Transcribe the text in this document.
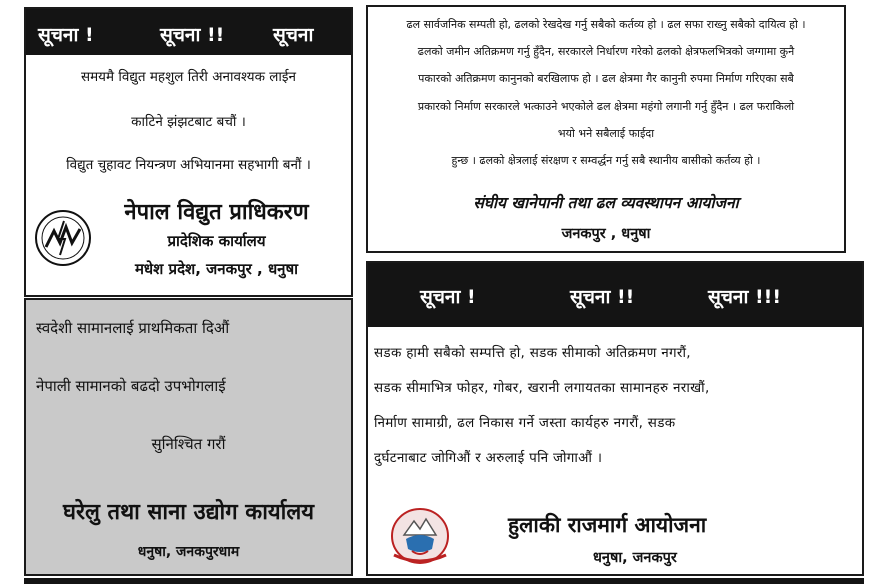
सूचना !	सूचना !!	सूचना
समयमै विद्युत महशुल तिरी अनावश्यक लाईन
काटिने झंझटबाट बचौं ।
विद्युत चुहावट नियन्त्रण अभियानमा सहभागी बनौं ।
नेपाल विद्युत प्राधिकरण
प्रादेशिक कार्यालय
मधेश प्रदेश, जनकपुर , धनुषा
ढल सार्वजनिक सम्पती हो, ढलको रेखदेख गर्नु सबैको कर्तव्य हो । ढल सफा राख्नु सबैको दायित्व हो ।
ढलको जमीन अतिक्रमण गर्नु हुँदैन, सरकारले निर्धारण गरेको ढलको क्षेत्रफलभित्रको जग्गामा कुनै
पकारको अतिक्रमण कानुनको बरखिलाफ हो । ढल क्षेत्रमा गैर कानुनी रुपमा निर्माण गरिएका सबै
प्रकारको निर्माण सरकारले भत्काउने भएकोले ढल क्षेत्रमा महंगो लगानी गर्नु हुँदैन । ढल फराकिलो
भयो भने सबैलाई फाईदा
हुन्छ । ढलको क्षेत्रलाई संरक्षण र सम्वर्द्धन गर्नु सबै स्थानीय बासीको कर्तव्य हो ।
संघीय खानेपानी तथा ढल व्यवस्थापन आयोजना
जनकपुर , धनुषा
स्वदेशी सामानलाई प्राथमिकता दिऔं
नेपाली सामानको बढदो उपभोगलाई
सुनिश्चित गरौं
घरेलु तथा साना उद्योग कार्यालय
धनुषा, जनकपुरधाम
सूचना !	सूचना !!	सूचना !!!
सडक हामी सबैको सम्पत्ति हो, सडक सीमाको अतिक्रमण नगरौं,
सडक सीमाभित्र फोहर, गोबर, खरानी लगायतका सामानहरु नराखौं,
निर्माण सामाग्री, ढल निकास गर्ने जस्ता कार्यहरु नगरौं, सडक
दुर्घटनाबाट जोगिऔं र अरुलाई पनि जोगाऔं ।
हुलाकी राजमार्ग आयोजना
धनुषा, जनकपुर
